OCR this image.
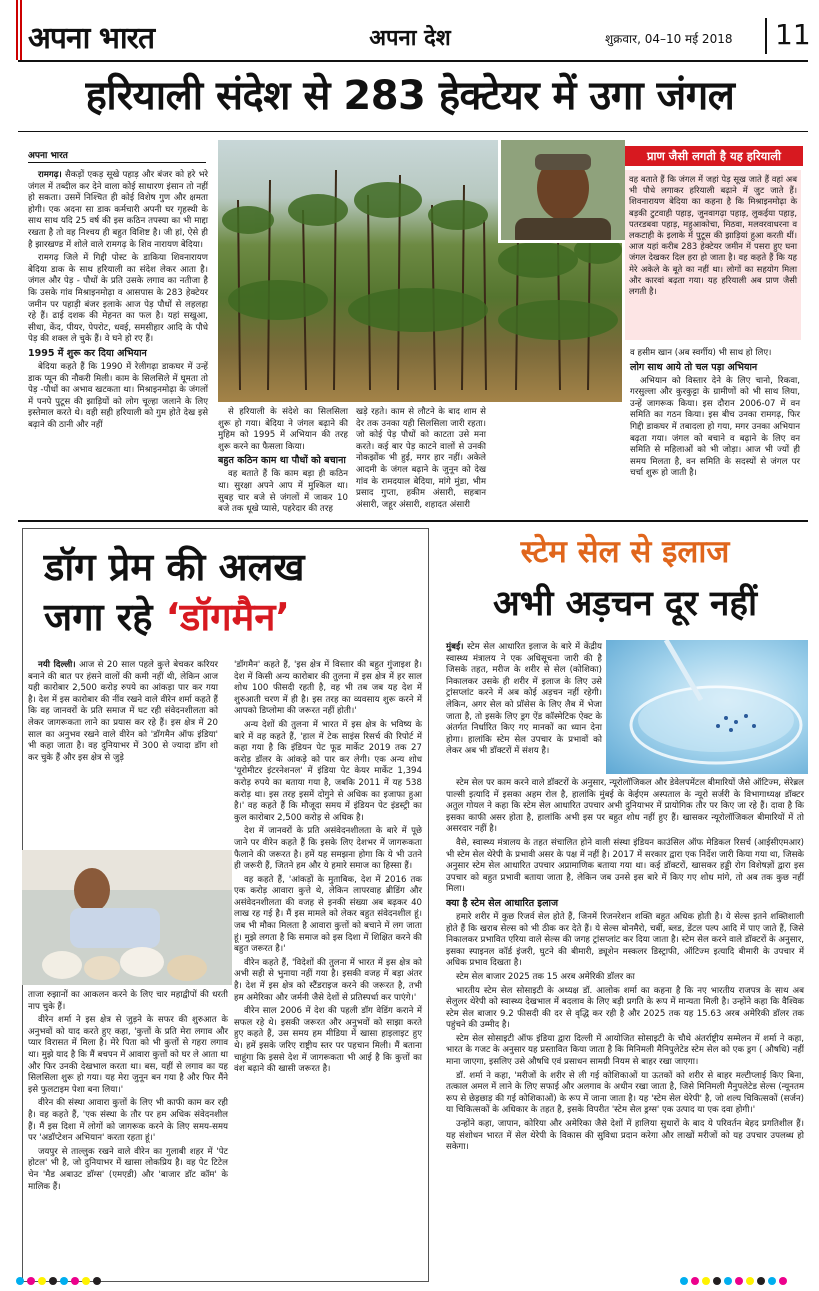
अपना भारत	अपना देश	शुक्रवार, 04–10 मई 2018 11
हरियाली संदेश से 283 हेक्टेयर में उगा जंगल
अपना भारत

रामगढ़। सैकड़ों एकड़ सूखे पहाड़ और बंजर को हरे भरे जंगल में तब्दील कर देने वाला कोई साधारण इंसान तो नहीं हो सकता। उसमें निश्चित ही कोई विशेष गुण और क्षमता होगी। एक अदना सा डाक कर्मचारी अपनी घर गृहस्थी के साथ साथ यदि 25 वर्ष की इस कठिन तपस्या का भी माद्दा रखता है तो वह निश्चय ही बहुत विशिष्ट है। जी हां, ऐसे ही है झारखण्ड में शोले वाले रामगढ़ के शिव नारायण बेदिया।

रामगढ़ जिले में गिद्दी पोस्ट के डाकिया शिवनारायण बेदिया डाक के साथ हरियाली का संदेश लेकर आता है। जंगल और पेड़ - पौधों के प्रति उसके लगाव का नतीजा है कि उसके गांव मिश्राइनमोढ़ा व आसपास के 283 हेक्टेयर जमीन पर पहाड़ी बंजर इलाके आज पेड़ पौधों से लहलहा रहे हैं। ढाई दशक की मेहनत का फल है। यहां सखुआ, सीधा, केंद, पीयर, पेपरोट, धवई, समसीहार आदि के पौधे पेड़ की शक्ल ले चुके हैं। वे घने हो रए हैं।

1995 में शुरू कर दिया अभियान

बेदिया कहते हैं कि 1990 में रेलीगढ़ा डाकघर में उन्हें डाक प्यून की नौकरी मिली। काम के सिलसिले में घूमता तो पेड़ -पौधों का अभाव खटकता था। मिश्राइनमोढ़ा के जंगलों में पनपे पुटूस की झाड़ियों को लोग चूल्हा जलाने के लिए इस्तेमाल करते थे। वही सही हरियाली को गुम होते देख इसे बढ़ाने की ठानी और नहीं

प्राण जैसी लगती है यह हरियाली

वह बताते हैं कि जंगल में जहां पेड़ सूख जाते हैं वहां अब भी पौधे लगाकर हरियाली बढ़ाने में जुट जाते हैं। शिवनारायण बेदिया का कहना है कि मिश्राइनमोढ़ा के बड़की टुटवाही पहाड़, जुनवागढ़ा पहाड़, लुकईया पहाड़, पतरडबवा पहाड़, महुआकोचा, मिठवा, मलवरवाधरना व लकटाही के इलाके में पुटूस की झाड़ियां हुआ करती थीं। आज यहां करीब 283 हेक्टेयर जमीन में पसरा हुए घना जंगल देखकर दिल हरा हो जाता है। वह कहते हैं कि यह मेरे अकेले के बूते का नहीं था। लोगों का सहयोग मिला और कारवां बढ़ता गया। यह हरियाली अब प्राण जैसी लगती है।

से हरियाली के संदेशे का सिलसिला शुरू हो गया। बेदिया ने जंगल बढ़ाने की मुहिम को 1995 में अभियान की तरह शुरू करने का फैसला किया।

बहुत कठिन काम था पौधों को बचाना

वह बताते हैं कि काम बड़ा ही कठिन था। सुरक्षा अपने आप में मुश्किल था। सुबह चार बजे से जंगलों में जाकर 10 बजे तक धूखे प्यासे, पहरेदार की तरह

खड़े रहते। काम से लौटने के बाद शाम से देर तक उनका यही सिलसिला जारी रहता। जो कोई पेड़ पौधों को काटता उसे मना करते। कई बार पेड़ काटने वालों से उनकी नोकझोंक भी हुई, मगर हार नहीं। अकेले आदमी के जंगल बढ़ाने के जुनून को देख गांव के रामदयाल बेदिया, मांगे मुंडा, भीम प्रसाद गुप्ता, हकीम अंसारी, सहबान अंसारी, जहूर अंसारी, शहादत अंसारी

व हसीम खान (अब स्वर्गीय) भी साथ हो लिए।

लोग साथ आये तो चल पड़ा अभियान

अभियान को विस्तार देने के लिए चानो, रिकवा, गरसुल्ला और कुरकुट्टा के ग्रामीणों को भी साथ लिया, उन्हें जागरूक किया। इस दौरान 2006-07 में वन समिति का गठन किया। इस बीच उनका रामगढ़, फिर गिद्दी डाकघर में तबादला हो गया, मगर उनका अभियान बढ़ता गया। जंगल को बचाने व बढ़ाने के लिए वन समिति से महिलाओं को भी जोड़ा। आज भी ज्यों ही समय मिलता है, वन समिति के सदस्यों से जंगल पर चर्चा शुरू हो जाती है।

डॉग प्रेम की अलख
जगा रहे ‘डॉगमैन’

नयी दिल्ली। आज से 20 साल पहले कुत्ते बेचकर करियर बनाने की बात पर हंसने वालों की कमी नहीं थी, लेकिन आज यही कारोबार 2,500 करोड़ रुपये का आंकड़ा पार कर गया है। देश में इस कारोबार की नींव रखने वाले वीरेन शर्मा कहते हैं कि वह जानवरों के प्रति समाज में घट रही संवेदनशीलता को लेकर जागरूकता लाने का प्रयास कर रहे हैं। इस क्षेत्र में 20 साल का अनुभव रखने वाले वीरेन को 'डॉगमैन ऑफ इंडिया' भी कहा जाता है। वह दुनियाभर में 300 से ज्यादा डॉग शो कर चुके हैं और इस क्षेत्र से जुड़े

ताजा रुझानों का आकलन करने के लिए चार महाद्वीपों की धरती नाप चुके हैं।

वीरेन शर्मा ने इस क्षेत्र से जुड़ने के सफर की शुरुआत के अनुभवों को याद करते हुए कहा, 'कुत्तों के प्रति मेरा लगाव और प्यार विरासत में मिला है। मेरे पिता को भी कुत्तों से गहरा लगाव था। मुझे याद है कि मैं बचपन में आवारा कुत्तों को घर ले आता था और फिर उनकी देखभाल करता था। बस, यहीं से लगाव का यह सिलसिला शुरू हो गया। यह मेरा जुनून बन गया है और फिर मैंने इसे फुलटाइम पेशा बना लिया।'

वीरेन की संस्था आवारा कुत्तों के लिए भी काफी काम कर रही है। वह कहते हैं, 'एक संस्था के तौर पर हम अधिक संवेदनशील हैं। मैं इस दिशा में लोगों को जागरूक करने के लिए समय-समय पर 'अडॉप्टेशन अभियान' करता रहता हूं।'

जयपुर से ताल्लुक रखने वाले वीरेन का गुलाबी शहर में 'पेट होटल' भी है, जो दुनियाभर में खासा लोकप्रिय है। वह पेट टिटेल चेन 'मैड अबाउट डॉग्स' (एमएडी) और 'बाजार डॉट कॉम' के मालिक हैं।

'डॉगमैन' कहते हैं, 'इस क्षेत्र में विस्तार की बहुत गुंजाइश है। देश में किसी अन्य कारोबार की तुलना में इस क्षेत्र में हर साल शोध 100 फीसदी रहती है, वह भी तब जब यह देश में शुरुआती चरण में ही है। इस तरह का व्यवसाय शुरू करने में आपको डिप्लोमा की जरूरत नहीं होती।'

अन्य देशों की तुलना में भारत में इस क्षेत्र के भविष्य के बारे में वह कहते हैं, 'हाल में टेक साइंस रिसर्च की रिपोर्ट में कहा गया है कि इंडियन पेट फूड मार्केट 2019 तक 27 करोड़ डॉलर के आंकड़े को पार कर लेगी। एक अन्य शोध 'यूरोमीटर इंटरनेशनल' में इंडिया पेट केयर मार्केट 1,394 करोड़ रुपये का बताया गया है, जबकि 2011 में यह 538 करोड़ था। इस तरह इसमें दोगुने से अधिक का इजाफा हुआ है।' वह कहते हैं कि मौजूदा समय में इंडियन पेट इंडस्ट्री का कुल कारोबार 2,500 करोड़ से अधिक है।

देश में जानवरों के प्रति असंवेदनशीलता के बारे में पूछे जाने पर वीरेन कहते हैं कि इसके लिए देशभर में जागरूकता फैलाने की जरूरत है। हमें यह समझना होगा कि ये भी उतने ही जरूरी हैं, जितने हम और ये हमारे समाज का हिस्सा हैं।

वह कहते हैं, 'आंकड़ों के मुताबिक, देश में 2016 तक एक करोड़ आवारा कुत्ते थे, लेकिन लापरवाह ब्रीडिंग और असंवेदनशीलता की वजह से इनकी संख्या अब बढ़कर 40 लाख रह गई है। मैं इस मामले को लेकर बहुत संवेदनशील हूं। जब भी मौका मिलता है आवारा कुत्तों को बचाने में लग जाता हूं। मुझे लगता है कि समाज को इस दिशा में शिक्षित करने की बहुत जरूरत है।'

वीरेन कहते हैं, 'विदेशों की तुलना में भारत में इस क्षेत्र को अभी सही से भुनाया नहीं गया है। इसकी वजह में बड़ा अंतर है। देश में इस क्षेत्र को स्टैंडराइज करने की जरूरत है, तभी हम अमेरिका और जर्मनी जैसे देशों से प्रतिस्पर्धा कर पाएंगे।'

वीरेन साल 2006 में देश की पहली डॉग वेडिंग कराने में सफल रहे थे। इसकी जरूरत और अनुभवों को साझा करते हुए कहते हैं, उस समय हम मीडिया में खासा हाइलाइट हुए थे। हमें इसके जरिए राष्ट्रीय स्तर पर पहचान मिली। मैं बताना चाहूंगा कि इससे देश में जागरूकता भी आई है कि कुत्तों का वंश बढ़ाने की खासी जरूरत है।

स्टेम सेल से इलाज
अभी अड़चन दूर नहीं

मुंबई। स्टेम सेल आधारित इलाज के बारे में केंद्रीय स्वास्थ्य मंत्रालय ने एक अधिसूचना जारी की है जिसके तहत, मरीज के शरीर से सेल (कोशिका) निकालकर उसके ही शरीर में इलाज के लिए उसे ट्रांसप्लांट करने में अब कोई अड़चन नहीं रहेगी। लेकिन, अगर सेल को प्रॉसेस के लिए लैब में भेजा जाता है, तो इसके लिए ड्रग ऐंड कॉस्मेटिक ऐक्ट के अंतर्गत निर्धारित किए गए मानकों का ध्यान देना होगा। हालांकि स्टेम सेल उपचार के प्रभावों को लेकर अब भी डॉक्टरों में संशय है।

स्टेम सेल पर काम करने वाले डॉक्टरों के अनुसार, न्यूरोलॉजिकल और डेवेलपमेंटल बीमारियों जैसे ऑटिज्म, सेरेब्रल पाल्सी इत्यादि में इसका अहम रोल है, हालांकि मुंबई के केईएम अस्पताल के न्यूरो सर्जरी के विभागाध्यक्ष डॉक्टर अतुल गोयल ने कहा कि स्टेम सेल आधारित उपचार अभी दुनियाभर में प्रायोगिक तौर पर किए जा रहे हैं। दावा है कि इसका काफी असर होता है, हालांकि अभी इस पर बहुत शोध नहीं हुए हैं। खासकर न्यूरोलॉजिकल बीमारियों में तो असरदार नहीं है।

वैसे, स्वास्थ्य मंत्रालय के तहत संचालित होने वाली संस्था इंडियन काउंसिल ऑफ मेडिकल रिसर्च (आईसीएमआर) भी स्टेम सेल थेरेपी के प्रभावी असर के पक्ष में नहीं है। 2017 में सरकार द्वारा एक निर्देश जारी किया गया था, जिसके अनुसार स्टेम सेल आधारित उपचार अप्रामाणिक बताया गया था। कई डॉक्टरों, खासकर हड्डी रोग विशेषज्ञों द्वारा इस उपचार को बहुत प्रभावी बताया जाता है, लेकिन जब उनसे इस बारे में किए गए शोध मांगे, तो अब तक कुछ नहीं मिला।

क्या है स्टेम सेल आधारित इलाज

हमारे शरीर में कुछ रिजर्व सेल होते हैं, जिनमें रिजनरेशन शक्ति बहुत अधिक होती है। ये सेल्स इतने शक्तिशाली होते हैं कि खराब सेल्स को भी ठीक कर देते हैं। ये सेल्स बोनमैरो, चर्बी, ब्लड, डेंटल पल्प आदि में पाए जाते हैं, जिसे निकालकर प्रभावित एरिया वाले सेल्स की जगह ट्रांसप्लांट कर दिया जाता है। स्टेम सेल करने वाले डॉक्टरों के अनुसार, इसका स्पाइनल कॉर्ड इंजरी, घुटने की बीमारी, ड्यूशेन मस्कलर डिस्ट्राफी, ऑटिज्म इत्यादि बीमारी के उपचार में अधिक प्रभाव दिखता है।

स्टेम सेल बाजार 2025 तक 15 अरब अमेरिकी डॉलर का

भारतीय स्टेम सेल सोसाइटी के अध्यक्ष डॉ. आलोक शर्मा का कहना है कि नए भारतीय राजपत्र के साथ अब सेलुलर थेरेपी को स्वास्थ्य देखभाल में बदलाव के लिए बड़ी प्रगति के रूप में मान्यता मिली है। उन्होंने कहा कि वैश्विक स्टेम सेल बाजार 9.2 फीसदी की दर से वृद्धि कर रही है और 2025 तक यह 15.63 अरब अमेरिकी डॉलर तक पहुंचने की उम्मीद है।

स्टेम सेल सोसाइटी ऑफ इंडिया द्वारा दिल्ली में आयोजित सोसाइटी के चौथे अंतर्राष्ट्रीय सम्मेलन में शर्मा ने कहा, भारत के गजट के अनुसार यह प्रस्तावित किया जाता है कि मिनिमली मैनिपुलेटेड स्टेम सेल को एक ड्रग ( औषधि) नहीं माना जाएगा, इसलिए उसे औषधि एवं प्रसाधन सामग्री नियम से बाहर रखा जाएगा।

डॉ. शर्मा ने कहा, 'मरीजों के शरीर से ली गई कोशिकाओं या ऊतकों को शरीर से बाहर मल्टीप्लाई किए बिना, तत्काल अमल में लाने के लिए सफाई और अलगाव के अधीन रखा जाता है, जिसे मिनिमली मैनुपलेटेड सेल्स (न्यूनतम रूप से छेड़छाड़ की गई कोशिकाओं) के रूप में जाना जाता है। यह 'स्टेम सेल थेरेपी' है, जो शल्य चिकित्सकों (सर्जन) या चिकित्सकों के अधिकार के तहत है, इसके विपरीत 'स्टेम सेल ड्रग्स' एक उत्पाद या एक दवा होगी।'

उन्होंने कहा, जापान, कोरिया और अमेरिका जैसे देशों में हालिया सुधारों के बाद ये परिवर्तन बेहद प्रगतिशील हैं। यह संशोधन भारत में सेल थेरेपी के विकास की सुविधा प्रदान करेगा और लाखों मरीजों को यह उपचार उपलब्ध हो सकेगा।
